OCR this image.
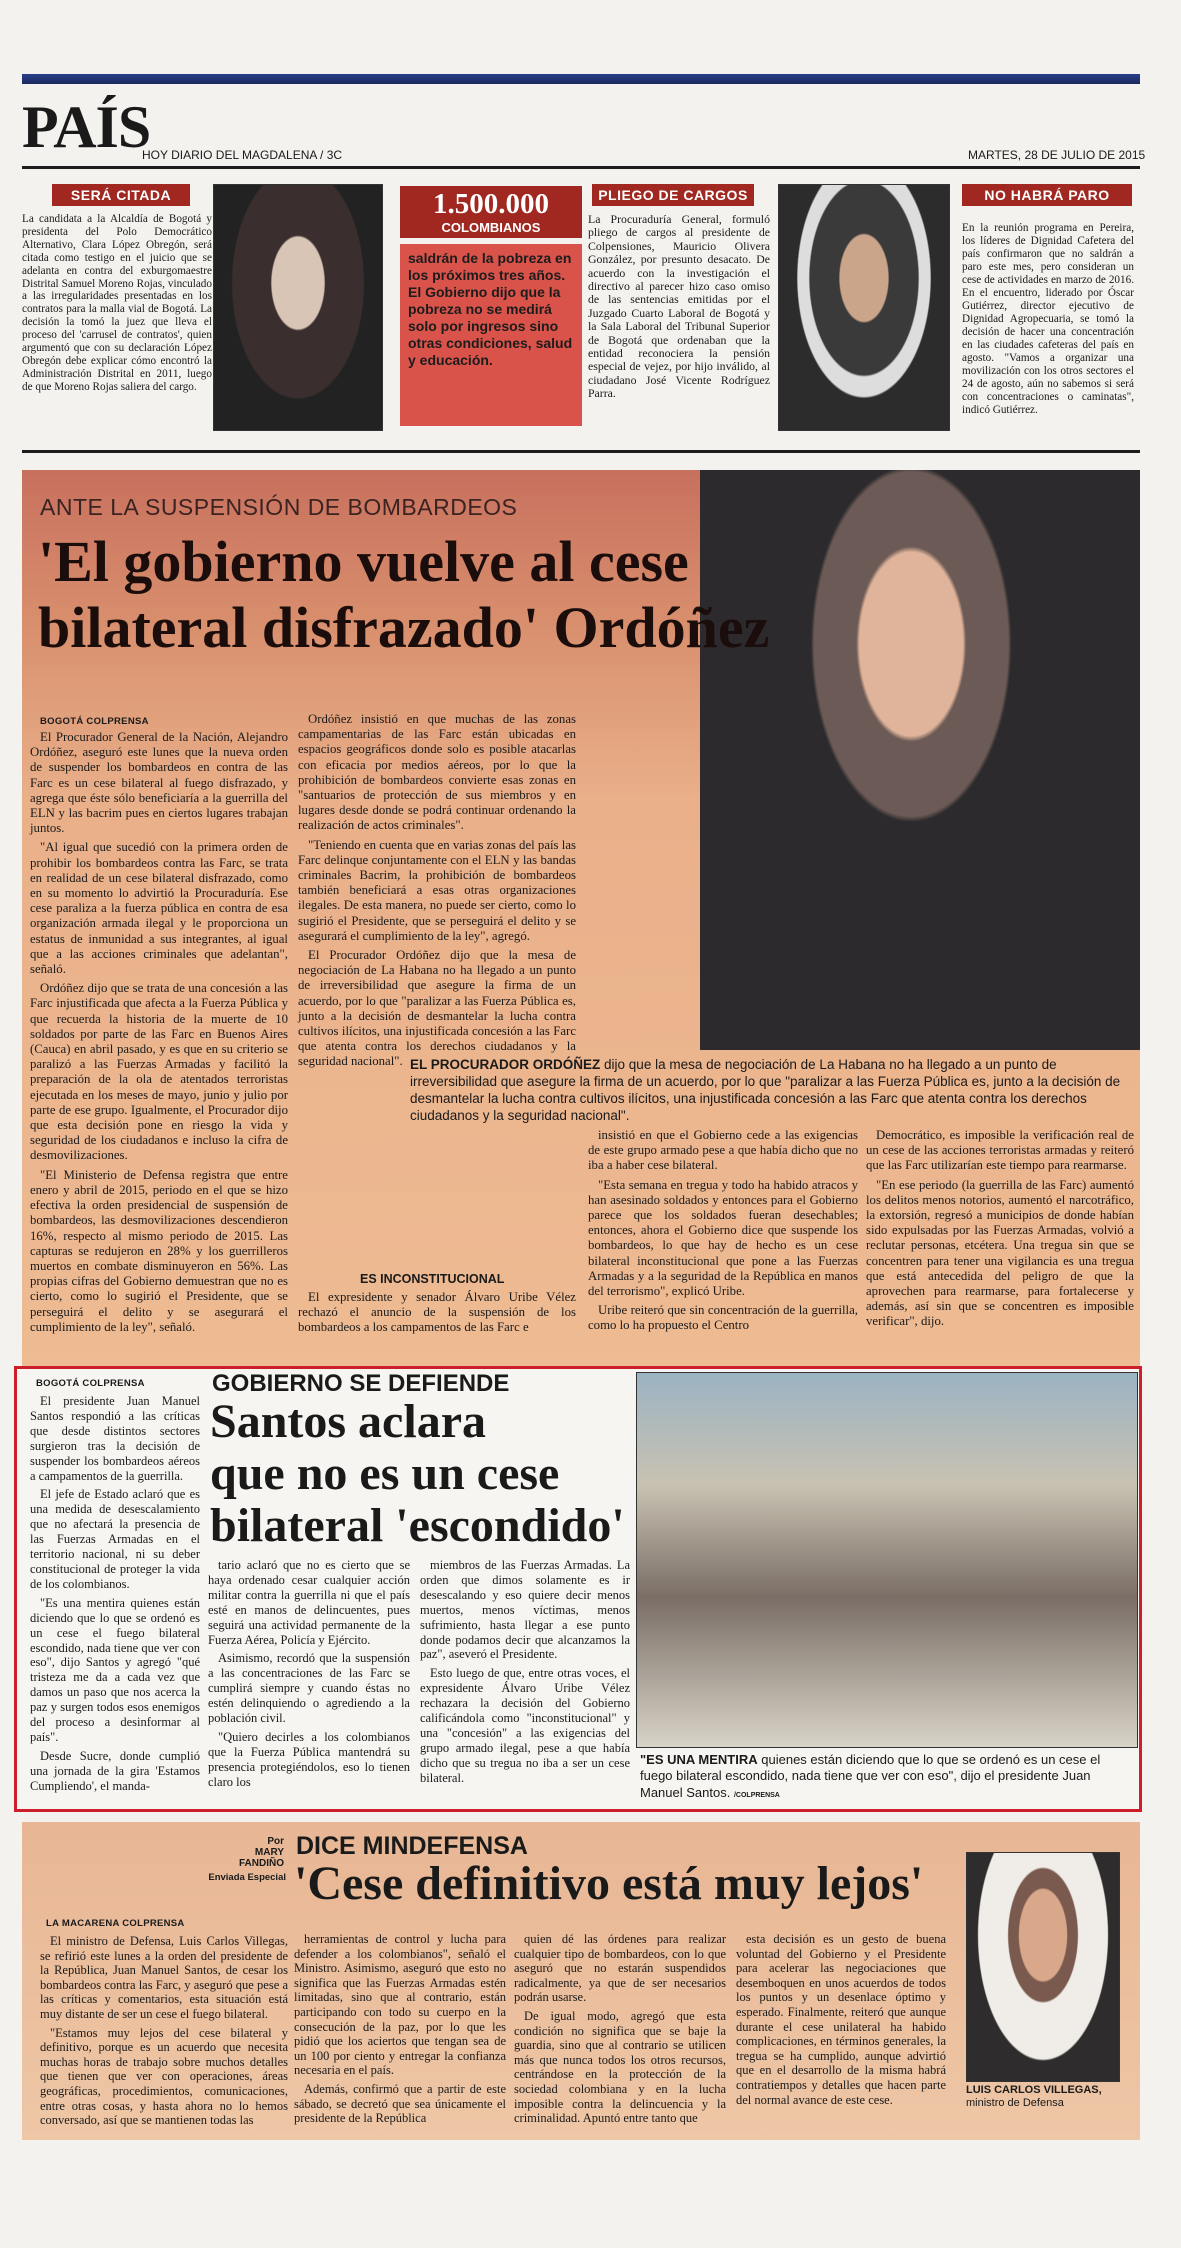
PAÍS
HOY DIARIO DEL MAGDALENA / 3C	MARTES, 28 DE JULIO DE 2015
SERÁ CITADA
La candidata a la Alcaldía de Bogotá y presidenta del Polo Democrático Alternativo, Clara López Obregón, será citada como testigo en el juicio que se adelanta en contra del exburgomaestre Distrital Samuel Moreno Rojas, vinculado a las irregularidades presentadas en los contratos para la malla vial de Bogotá. La decisión la tomó la juez que lleva el proceso del 'carrusel de contratos', quien argumentó que con su declaración López Obregón debe explicar cómo encontró la Administración Distrital en 2011, luego de que Moreno Rojas saliera del cargo.
1.500.000
COLOMBIANOS
saldrán de la pobreza en los próximos tres años. El Gobierno dijo que la pobreza no se medirá solo por ingresos sino otras condiciones, salud y educación.
PLIEGO DE CARGOS
La Procuraduría General, formuló pliego de cargos al presidente de Colpensiones, Mauricio Olivera González, por presunto desacato. De acuerdo con la investigación el directivo al parecer hizo caso omiso de las sentencias emitidas por el Juzgado Cuarto Laboral de Bogotá y la Sala Laboral del Tribunal Superior de Bogotá que ordenaban que la entidad reconociera la pensión especial de vejez, por hijo inválido, al ciudadano José Vicente Rodríguez Parra.
NO HABRÁ PARO
En la reunión programa en Pereira, los líderes de Dignidad Cafetera del país confirmaron que no saldrán a paro este mes, pero consideran un cese de actividades en marzo de 2016. En el encuentro, liderado por Óscar Gutiérrez, director ejecutivo de Dignidad Agropecuaria, se tomó la decisión de hacer una concentración en las ciudades cafeteras del país en agosto. "Vamos a organizar una movilización con los otros sectores el 24 de agosto, aún no sabemos si será con concentraciones o caminatas", indicó Gutiérrez.
ANTE LA SUSPENSIÓN DE BOMBARDEOS
'El gobierno vuelve al cese
bilateral disfrazado' Ordóñez
BOGOTÁ COLPRENSA

El Procurador General de la Nación, Alejandro Ordóñez, aseguró este lunes que la nueva orden de suspender los bombardeos en contra de las Farc es un cese bilateral al fuego disfrazado, y agrega que éste sólo beneficiaría a la guerrilla del ELN y las bacrim pues en ciertos lugares trabajan juntos.

"Al igual que sucedió con la primera orden de prohibir los bombardeos contra las Farc, se trata en realidad de un cese bilateral disfrazado, como en su momento lo advirtió la Procuraduría. Ese cese paraliza a la fuerza pública en contra de esa organización armada ilegal y le proporciona un estatus de inmunidad a sus integrantes, al igual que a las acciones criminales que adelantan", señaló.

Ordóñez dijo que se trata de una concesión a las Farc injustificada que afecta a la Fuerza Pública y que recuerda la historia de la muerte de 10 soldados por parte de las Farc en Buenos Aires (Cauca) en abril pasado, y es que en su criterio se paralizó a las Fuerzas Armadas y facilitó la preparación de la ola de atentados terroristas ejecutada en los meses de mayo, junio y julio por parte de ese grupo. Igualmente, el Procurador dijo que esta decisión pone en riesgo la vida y seguridad de los ciudadanos e incluso la cifra de desmovilizaciones.

"El Ministerio de Defensa registra que entre enero y abril de 2015, periodo en el que se hizo efectiva la orden presidencial de suspensión de bombardeos, las desmovilizaciones descendieron 16%, respecto al mismo periodo de 2015. Las capturas se redujeron en 28% y los guerrilleros muertos en combate disminuyeron en 56%. Las propias cifras del Gobierno demuestran que no es cierto, como lo sugirió el Presidente, que se perseguirá el delito y se asegurará el cumplimiento de la ley", señaló.

Ordóñez insistió en que muchas de las zonas campamentarias de las Farc están ubicadas en espacios geográficos donde solo es posible atacarlas con eficacia por medios aéreos, por lo que la prohibición de bombardeos convierte esas zonas en "santuarios de protección de sus miembros y en lugares desde donde se podrá continuar ordenando la realización de actos criminales".

"Teniendo en cuenta que en varias zonas del país las Farc delinque conjuntamente con el ELN y las bandas criminales Bacrim, la prohibición de bombardeos también beneficiará a esas otras organizaciones ilegales. De esta manera, no puede ser cierto, como lo sugirió el Presidente, que se perseguirá el delito y se asegurará el cumplimiento de la ley", agregó.

El Procurador Ordóñez dijo que la mesa de negociación de La Habana no ha llegado a un punto de irreversibilidad que asegure la firma de un acuerdo, por lo que "paralizar a las Fuerza Pública es, junto a la decisión de desmantelar la lucha contra cultivos ilícitos, una injustificada concesión a las Farc que atenta contra los derechos ciudadanos y la seguridad nacional".

ES INCONSTITUCIONAL

El expresidente y senador Álvaro Uribe Vélez rechazó el anuncio de la suspensión de los bombardeos a los campamentos de las Farc e

EL PROCURADOR ORDÓÑEZ dijo que la mesa de negociación de La Habana no ha llegado a un punto de irreversibilidad que asegure la firma de un acuerdo, por lo que "paralizar a las Fuerza Pública es, junto a la decisión de desmantelar la lucha contra cultivos ilícitos, una injustificada concesión a las Farc que atenta contra los derechos ciudadanos y la seguridad nacional".

insistió en que el Gobierno cede a las exigencias de este grupo armado pese a que había dicho que no iba a haber cese bilateral.

"Esta semana en tregua y todo ha habido atracos y han asesinado soldados y entonces para el Gobierno parece que los soldados fueran desechables; entonces, ahora el Gobierno dice que suspende los bombardeos, lo que hay de hecho es un cese bilateral inconstitucional que pone a las Fuerzas Armadas y a la seguridad de la República en manos del terrorismo", explicó Uribe.

Uribe reiteró que sin concentración de la guerrilla, como lo ha propuesto el Centro

Democrático, es imposible la verificación real de un cese de las acciones terroristas armadas y reiteró que las Farc utilizarían este tiempo para rearmarse.

"En ese periodo (la guerrilla de las Farc) aumentó los delitos menos notorios, aumentó el narcotráfico, la extorsión, regresó a municipios de donde habían sido expulsadas por las Fuerzas Armadas, volvió a reclutar personas, etcétera. Una tregua sin que se concentren para tener una vigilancia es una tregua que está antecedida del peligro de que la aprovechen para rearmarse, para fortalecerse y además, así sin que se concentren es imposible verificar", dijo.

GOBIERNO SE DEFIENDE
Santos aclara
que no es un cese
bilateral 'escondido'
BOGOTÁ COLPRENSA

El presidente Juan Manuel Santos respondió a las críticas que desde distintos sectores surgieron tras la decisión de suspender los bombardeos aéreos a campamentos de la guerrilla.

El jefe de Estado aclaró que es una medida de desescalamiento que no afectará la presencia de las Fuerzas Armadas en el territorio nacional, ni su deber constitucional de proteger la vida de los colombianos.

"Es una mentira quienes están diciendo que lo que se ordenó es un cese el fuego bilateral escondido, nada tiene que ver con eso", dijo Santos y agregó "qué tristeza me da a cada vez que damos un paso que nos acerca la paz y surgen todos esos enemigos del proceso a desinformar al país".

Desde Sucre, donde cumplió una jornada de la gira 'Estamos Cumpliendo', el manda-

tario aclaró que no es cierto que se haya ordenado cesar cualquier acción militar contra la guerrilla ni que el país esté en manos de delincuentes, pues seguirá una actividad permanente de la Fuerza Aérea, Policía y Ejército.

Asimismo, recordó que la suspensión a las concentraciones de las Farc se cumplirá siempre y cuando éstas no estén delinquiendo o agrediendo a la población civil.

"Quiero decirles a los colombianos que la Fuerza Pública mantendrá su presencia protegiéndolos, eso lo tienen claro los

miembros de las Fuerzas Armadas. La orden que dimos solamente es ir desescalando y eso quiere decir menos muertos, menos víctimas, menos sufrimiento, hasta llegar a ese punto donde podamos decir que alcanzamos la paz", aseveró el Presidente.

Esto luego de que, entre otras voces, el expresidente Álvaro Uribe Vélez rechazara la decisión del Gobierno calificándola como "inconstitucional" y una "concesión" a las exigencias del grupo armado ilegal, pese a que había dicho que su tregua no iba a ser un cese bilateral.

"ES UNA MENTIRA quienes están diciendo que lo que se ordenó es un cese el fuego bilateral escondido, nada tiene que ver con eso", dijo el presidente Juan Manuel Santos. /COLPRENSA
Por
MARY
FANDIÑO
Enviada Especial
DICE MINDEFENSA
'Cese definitivo está muy lejos'
LA MACARENA COLPRENSA

El ministro de Defensa, Luis Carlos Villegas, se refirió este lunes a la orden del presidente de la República, Juan Manuel Santos, de cesar los bombardeos contra las Farc, y aseguró que pese a las críticas y comentarios, esta situación está muy distante de ser un cese el fuego bilateral.

"Estamos muy lejos del cese bilateral y definitivo, porque es un acuerdo que necesita muchas horas de trabajo sobre muchos detalles que tienen que ver con operaciones, áreas geográficas, procedimientos, comunicaciones, entre otras cosas, y hasta ahora no lo hemos conversado, así que se mantienen todas las

herramientas de control y lucha para defender a los colombianos", señaló el Ministro. Asimismo, aseguró que esto no significa que las Fuerzas Armadas estén limitadas, sino que al contrario, están participando con todo su cuerpo en la consecución de la paz, por lo que les pidió que los aciertos que tengan sea de un 100 por ciento y entregar la confianza necesaria en el país.

Además, confirmó que a partir de este sábado, se decretó que sea únicamente el presidente de la República

quien dé las órdenes para realizar cualquier tipo de bombardeos, con lo que aseguró que no estarán suspendidos radicalmente, ya que de ser necesarios podrán usarse.

De igual modo, agregó que esta condición no significa que se baje la guardia, sino que al contrario se utilicen más que nunca todos los otros recursos, centrándose en la protección de la sociedad colombiana y en la lucha imposible contra la delincuencia y la criminalidad. Apuntó entre tanto que

esta decisión es un gesto de buena voluntad del Gobierno y el Presidente para acelerar las negociaciones que desemboquen en unos acuerdos de todos los puntos y un desenlace óptimo y esperado. Finalmente, reiteró que aunque durante el cese unilateral ha habido complicaciones, en términos generales, la tregua se ha cumplido, aunque advirtió que en el desarrollo de la misma habrá contratiempos y detalles que hacen parte del normal avance de este cese.

LUIS CARLOS VILLEGAS, ministro de Defensa
